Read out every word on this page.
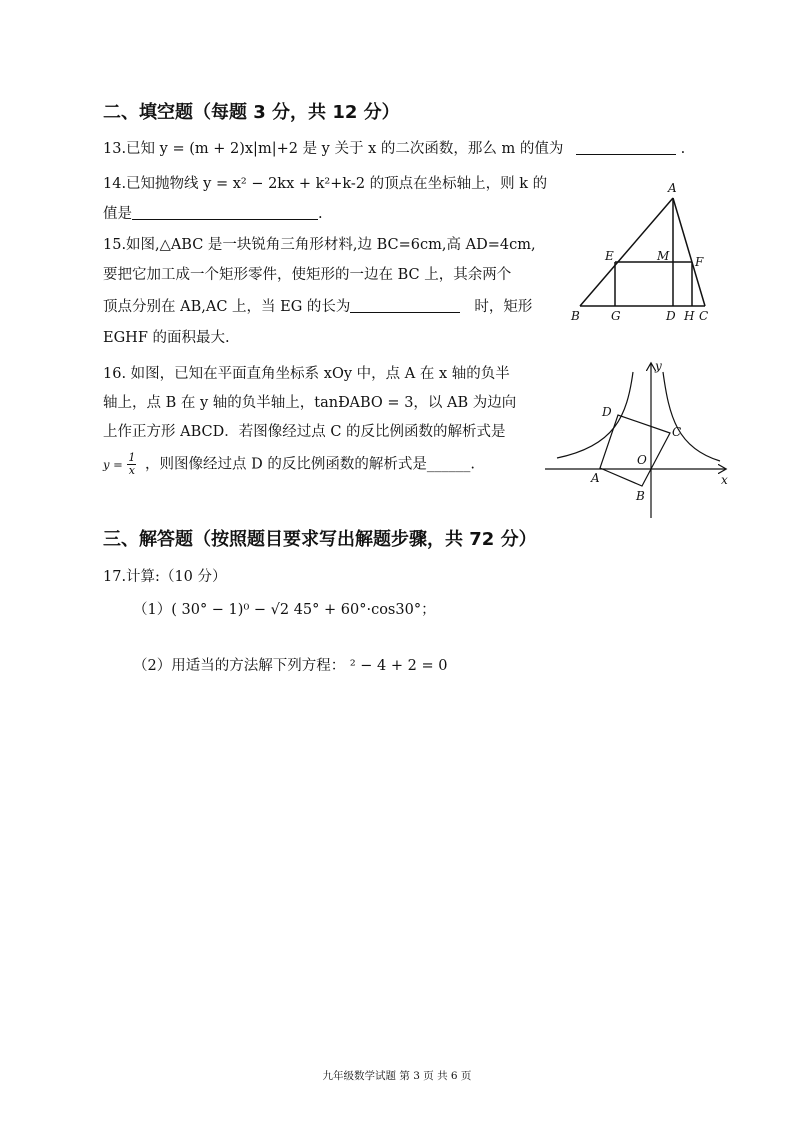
二、填空题（每题 3 分，共 12 分）
13.已知 y = (m + 2)x|m|+2 是 y 关于 x 的二次函数，那么 m 的值为	.
14.已知抛物线 y = x² − 2kx + k²+k-2 的顶点在坐标轴上，则 k 的
值是	.
15.如图,△ABC 是一块锐角三角形材料,边 BC=6cm,高 AD=4cm,
要把它加工成一个矩形零件，使矩形的一边在 BC 上，其余两个
顶点分别在 AB,AC 上，当 EG 的长为	时，矩形
EGHF 的面积最大.
A
E	M F
B	G	D H C
16. 如图，已知在平面直角坐标系 xOy 中，点 A 在 x 轴的负半
轴上，点 B 在 y 轴的负半轴上，tanÐABO = 3，以 AB 为边向
上作正方形 ABCD．若图像经过点 C 的反比例函数的解析式是
$y = \frac{1}{x}$ ，则图像经过点 D 的反比例函数的解析式是______.
y
x
D
C
O
A
B
三、解答题（按照题目要求写出解题步骤，共 72 分）
17.计算:（10 分）
（1）( 30° − 1)⁰ − √2 45° + 60°·cos30°；
（2）用适当的方法解下列方程： ² − 4 + 2 = 0
九年级数学试题 第 3 页 共 6 页
